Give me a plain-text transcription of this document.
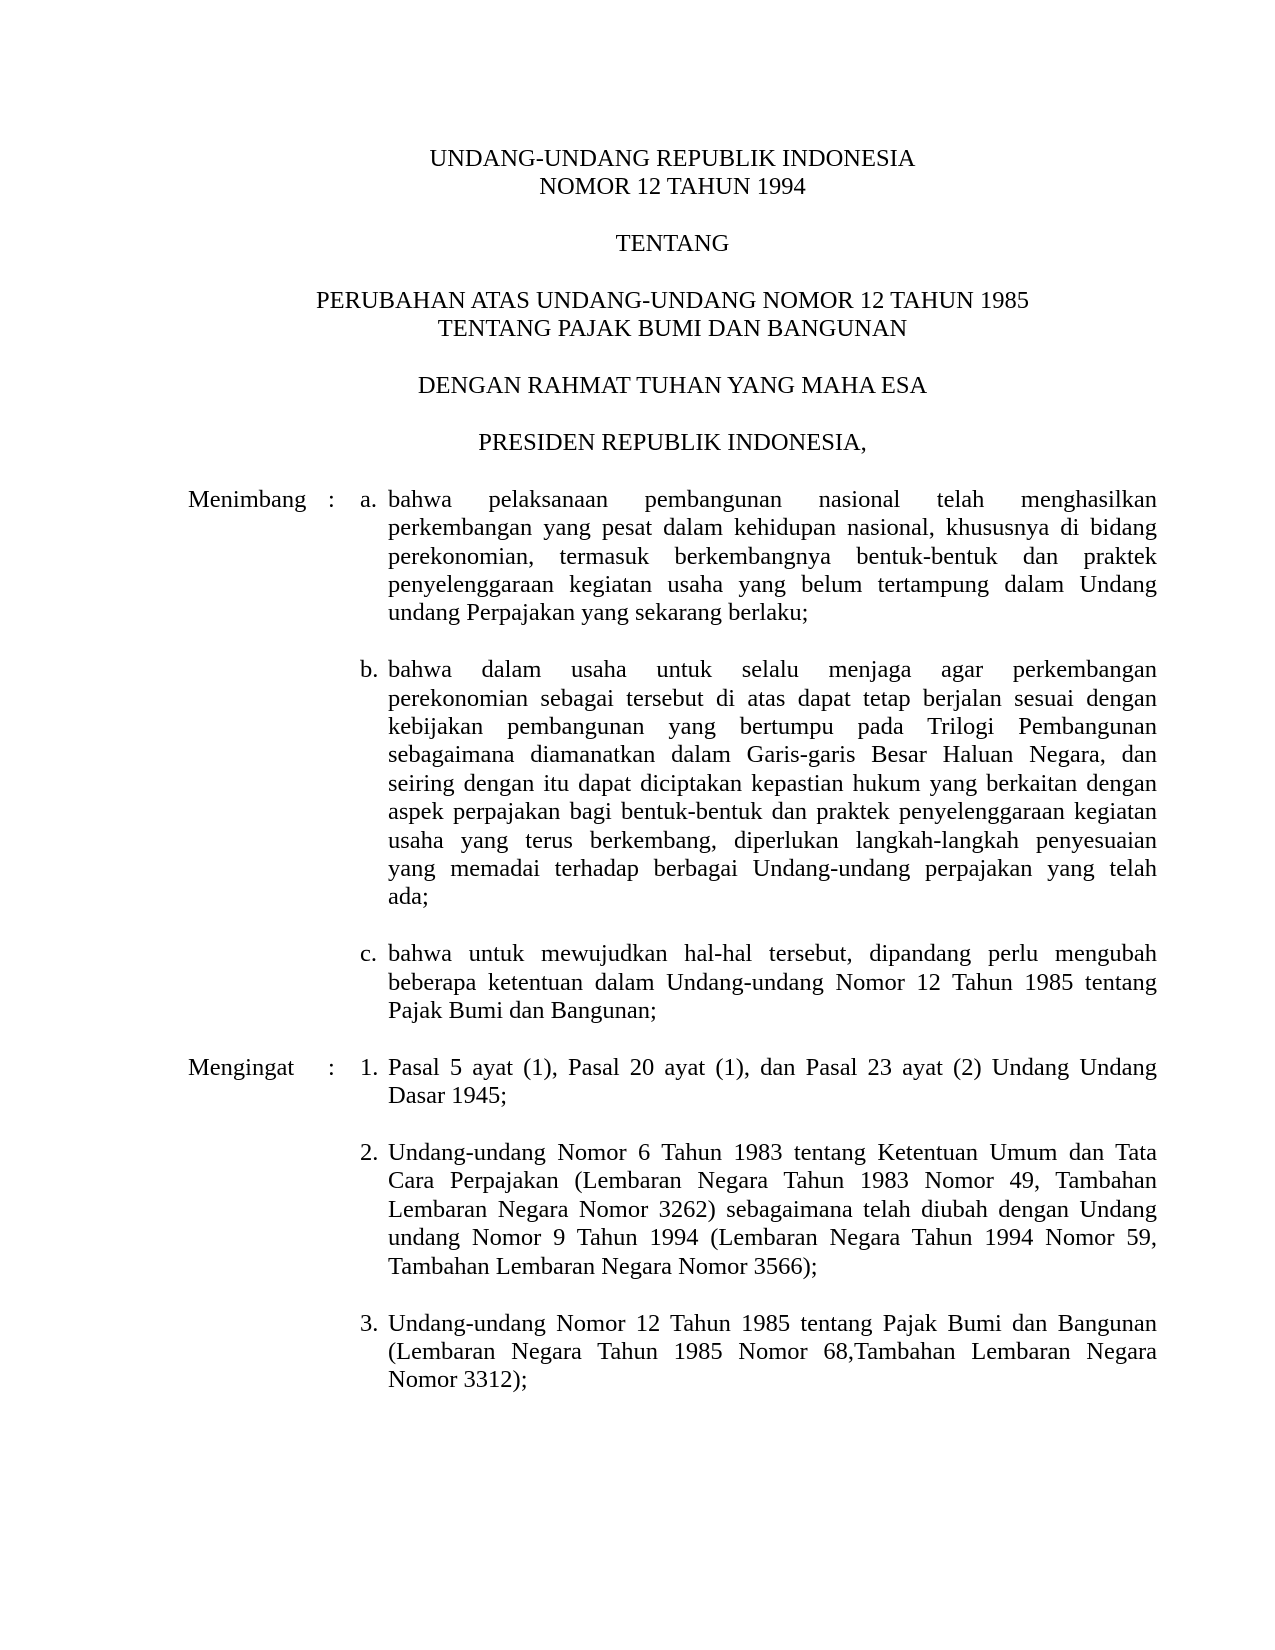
UNDANG-UNDANG REPUBLIK INDONESIA
NOMOR 12 TAHUN 1994
TENTANG
PERUBAHAN ATAS UNDANG-UNDANG NOMOR 12 TAHUN 1985
TENTANG PAJAK BUMI DAN BANGUNAN
DENGAN RAHMAT TUHAN YANG MAHA ESA
PRESIDEN REPUBLIK INDONESIA,
Menimbang :	a. bahwa pelaksanaan pembangunan nasional telah menghasilkan
perkembangan yang pesat dalam kehidupan nasional, khususnya di bidang
perekonomian, termasuk berkembangnya bentuk-bentuk dan praktek
penyelenggaraan kegiatan usaha yang belum tertampung dalam Undang
undang Perpajakan yang sekarang berlaku;
b. bahwa dalam usaha untuk selalu menjaga agar perkembangan
perekonomian sebagai tersebut di atas dapat tetap berjalan sesuai dengan
kebijakan pembangunan yang bertumpu pada Trilogi Pembangunan
sebagaimana diamanatkan dalam Garis-garis Besar Haluan Negara, dan
seiring dengan itu dapat diciptakan kepastian hukum yang berkaitan dengan
aspek perpajakan bagi bentuk-bentuk dan praktek penyelenggaraan kegiatan
usaha yang terus berkembang, diperlukan langkah-langkah penyesuaian
yang memadai terhadap berbagai Undang-undang perpajakan yang telah
ada;
c. bahwa untuk mewujudkan hal-hal tersebut, dipandang perlu mengubah
beberapa ketentuan dalam Undang-undang Nomor 12 Tahun 1985 tentang
Pajak Bumi dan Bangunan;
Mengingat	:	1. Pasal 5 ayat (1), Pasal 20 ayat (1), dan Pasal 23 ayat (2) Undang Undang
Dasar 1945;
2. Undang-undang Nomor 6 Tahun 1983 tentang Ketentuan Umum dan Tata
Cara Perpajakan (Lembaran Negara Tahun 1983 Nomor 49, Tambahan
Lembaran Negara Nomor 3262) sebagaimana telah diubah dengan Undang
undang Nomor 9 Tahun 1994 (Lembaran Negara Tahun 1994 Nomor 59,
Tambahan Lembaran Negara Nomor 3566);
3. Undang-undang Nomor 12 Tahun 1985 tentang Pajak Bumi dan Bangunan
(Lembaran Negara Tahun 1985 Nomor 68,Tambahan Lembaran Negara
Nomor 3312);
